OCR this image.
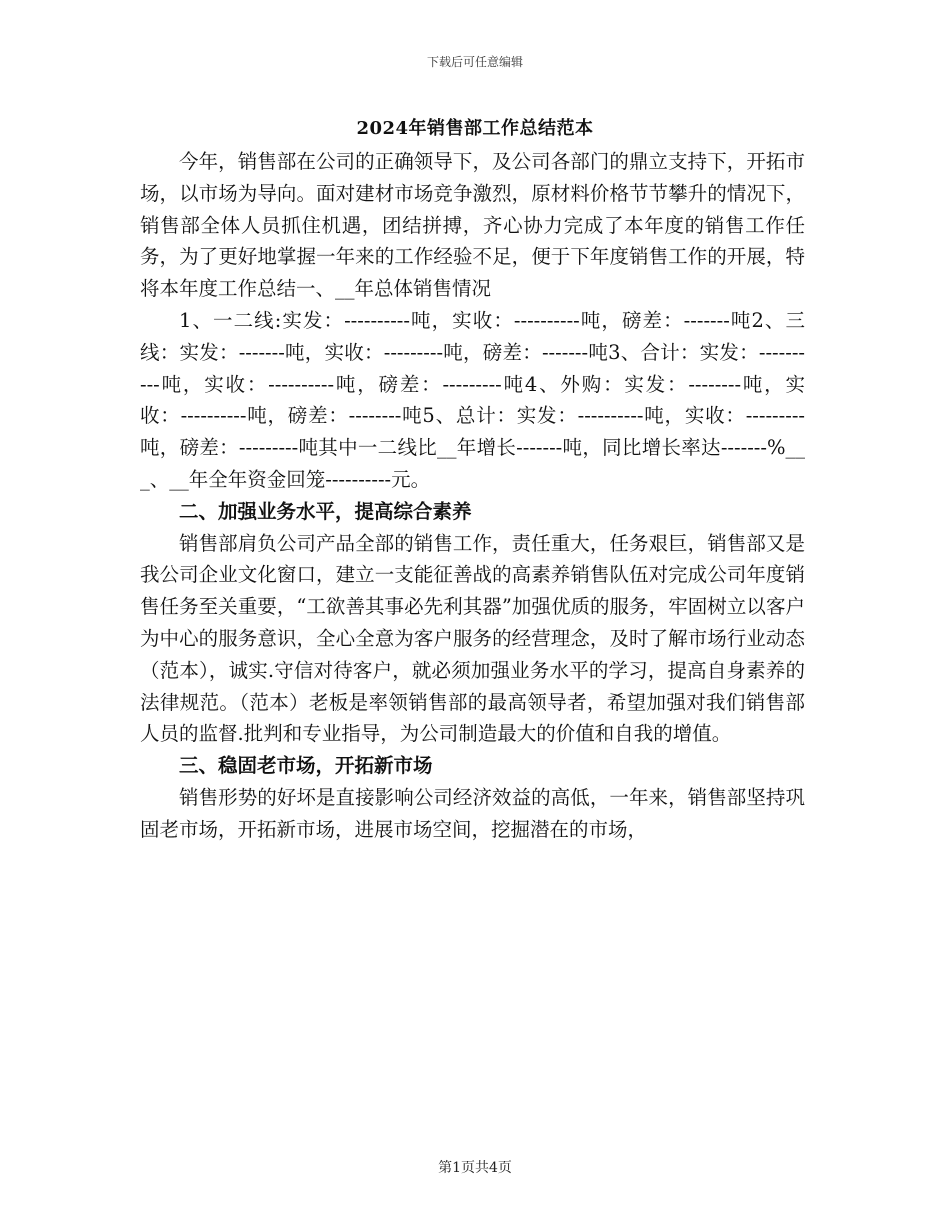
下载后可任意编辑
2024年销售部工作总结范本

今年，销售部在公司的正确领导下，及公司各部门的鼎立支持下，开拓市场，以市场为导向。面对建材市场竞争激烈，原材料价格节节攀升的情况下，销售部全体人员抓住机遇，团结拼搏，齐心协力完成了本年度的销售工作任务，为了更好地掌握一年来的工作经验不足，便于下年度销售工作的开展，特将本年度工作总结一、__年总体销售情况

1、一二线:实发：----------吨，实收：----------吨，磅差：-------吨2、三线：实发：-------吨，实收：---------吨，磅差：-------吨3、合计：实发：----------吨，实收：----------吨，磅差：---------吨4、外购：实发：--------吨，实收：----------吨，磅差：--------吨5、总计：实发：----------吨，实收：---------吨，磅差：---------吨其中一二线比__年增长-------吨，同比增长率达-------%___、__年全年资金回笼----------元。

二、加强业务水平，提高综合素养

销售部肩负公司产品全部的销售工作，责任重大，任务艰巨，销售部又是我公司企业文化窗口，建立一支能征善战的高素养销售队伍对完成公司年度销售任务至关重要，“工欲善其事必先利其器”加强优质的服务，牢固树立以客户为中心的服务意识，全心全意为客户服务的经营理念，及时了解市场行业动态（范本），诚实.守信对待客户，就必须加强业务水平的学习，提高自身素养的法律规范。（范本）老板是率领销售部的最高领导者，希望加强对我们销售部人员的监督.批判和专业指导，为公司制造最大的价值和自我的增值。

三、稳固老市场，开拓新市场

销售形势的好坏是直接影响公司经济效益的高低，一年来，销售部坚持巩固老市场，开拓新市场，进展市场空间，挖掘潜在的市场，

第1页共4页
